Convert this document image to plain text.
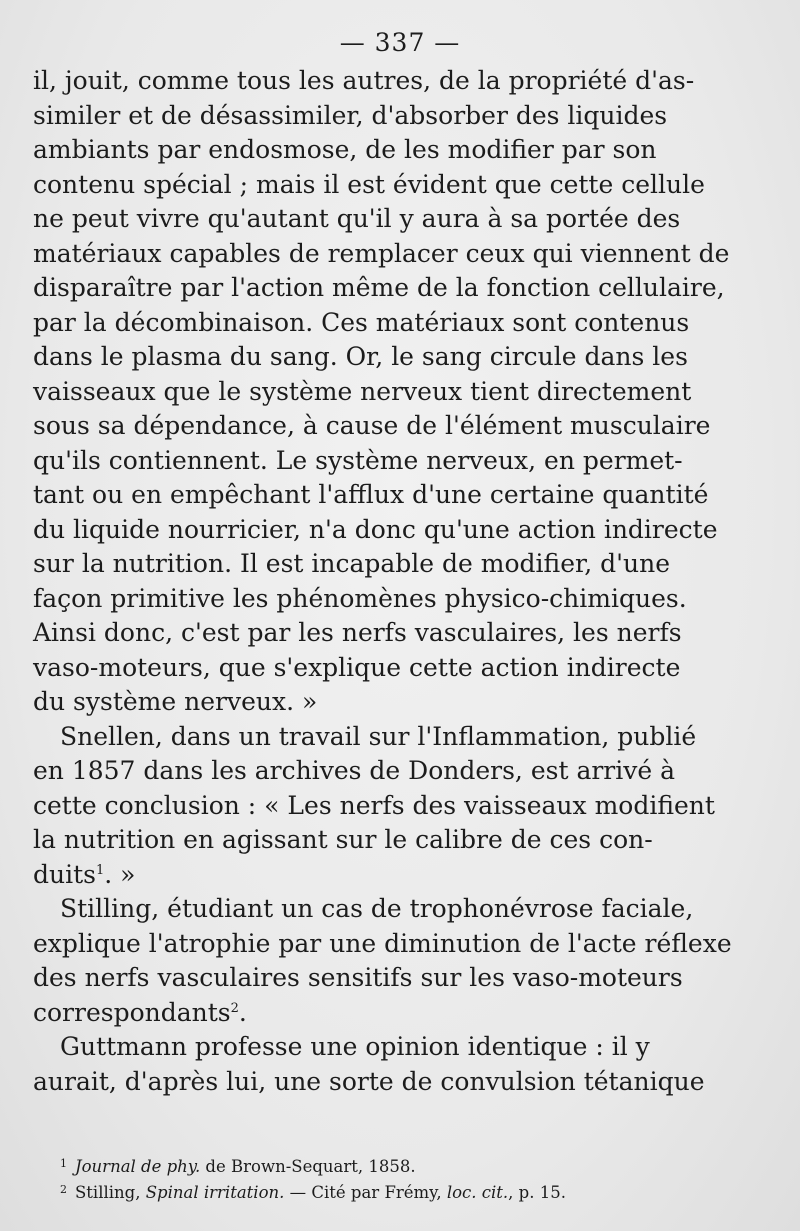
— 337 —
il, jouit, comme tous les autres, de la propriété d'as-
similer et de désassimiler, d'absorber des liquides
ambiants par endosmose, de les modifier par son
contenu spécial ; mais il est évident que cette cellule
ne peut vivre qu'autant qu'il y aura à sa portée des
matériaux capables de remplacer ceux qui viennent de
disparaître par l'action même de la fonction cellulaire,
par la décombinaison. Ces matériaux sont contenus
dans le plasma du sang. Or, le sang circule dans les
vaisseaux que le système nerveux tient directement
sous sa dépendance, à cause de l'élément musculaire
qu'ils contiennent. Le système nerveux, en permet-
tant ou en empêchant l'afflux d'une certaine quantité
du liquide nourricier, n'a donc qu'une action indirecte
sur la nutrition. Il est incapable de modifier, d'une
façon primitive les phénomènes physico-chimiques.
Ainsi donc, c'est par les nerfs vasculaires, les nerfs
vaso-moteurs, que s'explique cette action indirecte
du système nerveux. »
Snellen, dans un travail sur l'Inflammation, publié
en 1857 dans les archives de Donders, est arrivé à
cette conclusion : « Les nerfs des vaisseaux modifient
la nutrition en agissant sur le calibre de ces con-
duits$^1$. »
Stilling, étudiant un cas de trophonévrose faciale,
explique l'atrophie par une diminution de l'acte réflexe
des nerfs vasculaires sensitifs sur les vaso-moteurs
correspondants$^2$.
Guttmann professe une opinion identique : il y
aurait, d'après lui, une sorte de convulsion tétanique
$^1$ Journal de phy. de Brown-Sequart, 1858.
$^2$ Stilling, Spinal irritation. — Cité par Frémy, loc. cit., p. 15.
